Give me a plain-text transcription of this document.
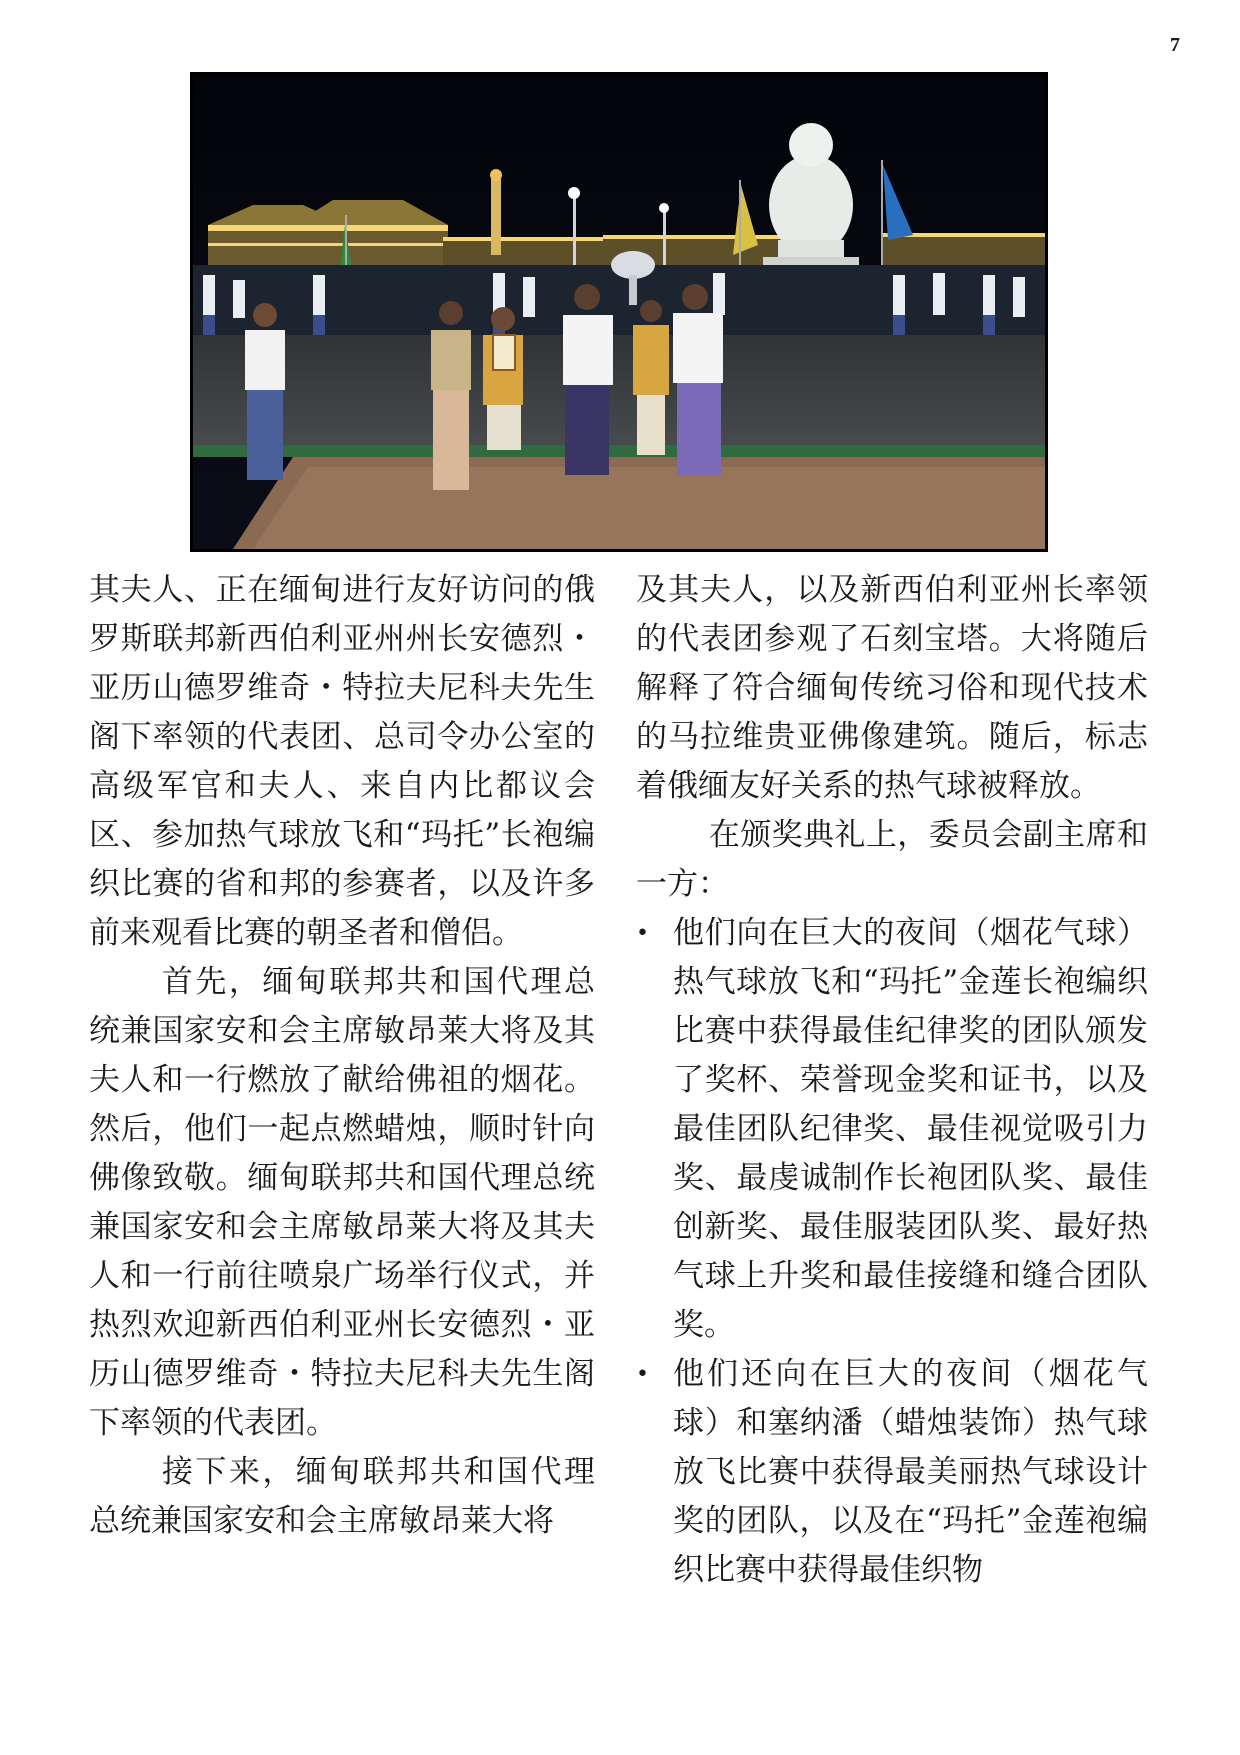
7

其夫人、正在缅甸进行友好访问的俄罗斯联邦新西伯利亚州州长安德烈・亚历山德罗维奇・特拉夫尼科夫先生阁下率领的代表团、总司令办公室的高级军官和夫人、来自内比都议会区、参加热气球放飞和“玛托”长袍编织比赛的省和邦的参赛者，以及许多前来观看比赛的朝圣者和僧侣。

首先，缅甸联邦共和国代理总统兼国家安和会主席敏昂莱大将及其夫人和一行燃放了献给佛祖的烟花。然后，他们一起点燃蜡烛，顺时针向佛像致敬。缅甸联邦共和国代理总统兼国家安和会主席敏昂莱大将及其夫人和一行前往喷泉广场举行仪式，并热烈欢迎新西伯利亚州长安德烈・亚历山德罗维奇・特拉夫尼科夫先生阁下率领的代表团。

接下来，缅甸联邦共和国代理总统兼国家安和会主席敏昂莱大将

及其夫人，以及新西伯利亚州长率领的代表团参观了石刻宝塔。大将随后解释了符合缅甸传统习俗和现代技术的马拉维贵亚佛像建筑。随后，标志着俄缅友好关系的热气球被释放。

在颁奖典礼上，委员会副主席和一方：

• 他们向在巨大的夜间（烟花气球）热气球放飞和“玛托”金莲长袍编织比赛中获得最佳纪律奖的团队颁发了奖杯、荣誉现金奖和证书，以及最佳团队纪律奖、最佳视觉吸引力奖、最虔诚制作长袍团队奖、最佳创新奖、最佳服装团队奖、最好热气球上升奖和最佳接缝和缝合团队奖。
• 他们还向在巨大的夜间（烟花气球）和塞纳潘（蜡烛装饰）热气球放飞比赛中获得最美丽热气球设计奖的团队，以及在“玛托”金莲袍编织比赛中获得最佳织物
